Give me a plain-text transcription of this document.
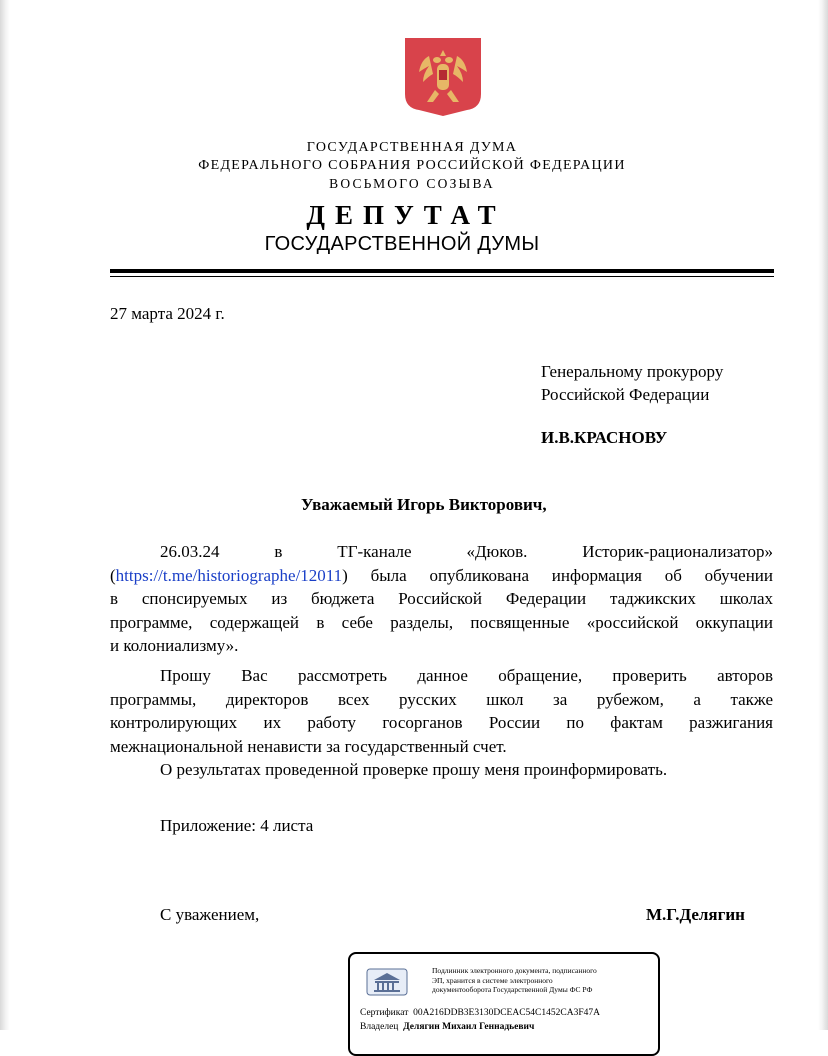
ГОСУДАРСТВЕННАЯ ДУМА
ФЕДЕРАЛЬНОГО СОБРАНИЯ РОССИЙСКОЙ ФЕДЕРАЦИИ
ВОСЬМОГО СОЗЫВА
ДЕПУТАТ
ГОСУДАРСТВЕННОЙ ДУМЫ
27 марта 2024 г.
Генеральному прокурору
Российской Федерации
И.В.КРАСНОВУ
Уважаемый Игорь Викторович,
26.03.24 в ТГ-канале «Дюков. Историк-рационализатор»
(https://t.me/historiographe/12011) была опубликована информация об обучении
в спонсируемых из бюджета Российской Федерации таджикских школах
программе, содержащей в себе разделы, посвященные «российской оккупации
и колониализму».
Прошу Вас рассмотреть данное обращение, проверить авторов
программы, директоров всех русских школ за рубежом, а также
контролирующих их работу госорганов России по фактам разжигания
межнациональной ненависти за государственный счет.
О результатах проведенной проверке прошу меня проинформировать.
Приложение: 4 листа
С уважением,	М.Г.Делягин
Подлинник электронного документа, подписанного
ЭП, хранится в системе электронного
документооборота Государственной Думы ФС РФ
Сертификат 00A216DDB3E3130DCEAC54C1452CA3F47A
Владелец Делягин Михаил Геннадьевич
